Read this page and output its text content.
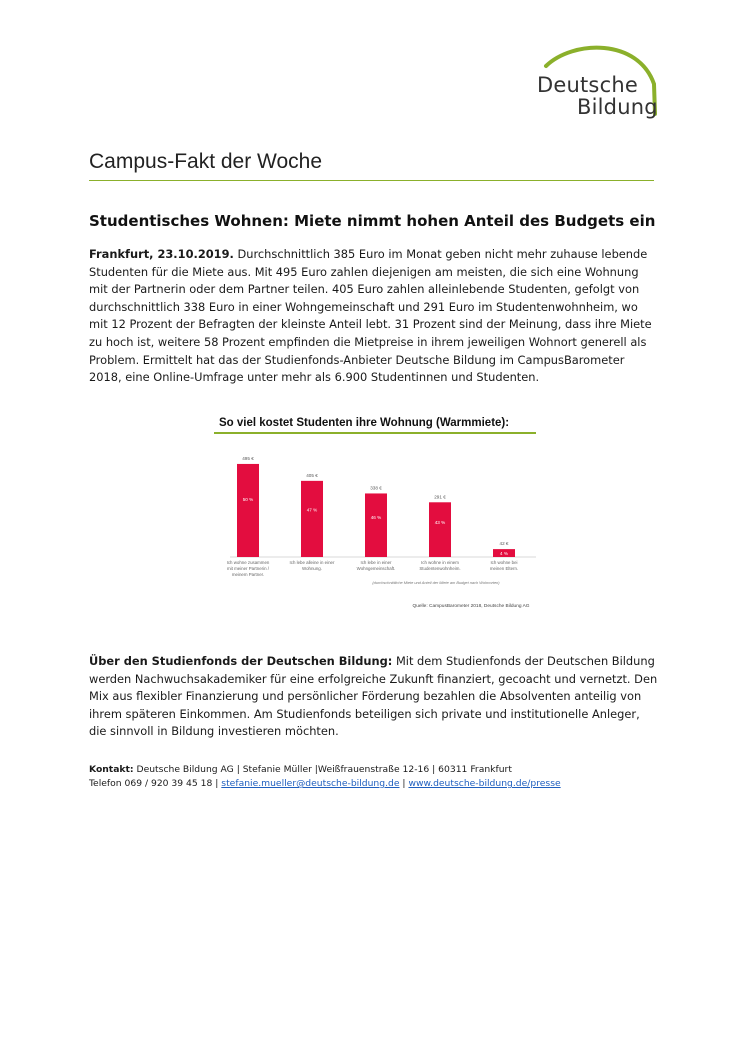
Deutsche
Bildung
Campus-Fakt der Woche
Studentisches Wohnen: Miete nimmt hohen Anteil des Budgets ein
Frankfurt, 23.10.2019. Durchschnittlich 385 Euro im Monat geben nicht mehr zuhause lebende Studenten für die Miete aus. Mit 495 Euro zahlen diejenigen am meisten, die sich eine Wohnung mit der Partnerin oder dem Partner teilen. 405 Euro zahlen alleinlebende Studenten, gefolgt von durchschnittlich 338 Euro in einer Wohngemeinschaft und 291 Euro im Studentenwohnheim, wo mit 12 Prozent der Befragten der kleinste Anteil lebt. 31 Prozent sind der Meinung, dass ihre Miete zu hoch ist, weitere 58 Prozent empfinden die Mietpreise in ihrem jeweiligen Wohnort generell als Problem. Ermittelt hat das der Studienfonds-Anbieter Deutsche Bildung im CampusBarometer 2018, eine Online-Umfrage unter mehr als 6.900 Studentinnen und Studenten.
So viel kostet Studenten ihre Wohnung (Warmmiete):
495 €
50 %
Ich wohne zusammen
mit meiner Partnerin /
meinem Partner.
405 €
47 %
Ich lebe alleine in einer
Wohnung.
338 €
46 %
Ich lebe in einer
Wohngemeinschaft.
291 €
43 %
Ich wohne in einem
Studentenwohnheim.
42 €
4 %
Ich wohne bei
meinen Eltern.
(durchschnittliche Miete und Anteil der Miete am Budget nach Wohnorten)
Quelle: CampusBarometer 2018, Deutsche Bildung AG
Über den Studienfonds der Deutschen Bildung: Mit dem Studienfonds der Deutschen Bildung werden Nachwuchsakademiker für eine erfolgreiche Zukunft finanziert, gecoacht und vernetzt. Den Mix aus flexibler Finanzierung und persönlicher Förderung bezahlen die Absolventen anteilig von ihrem späteren Einkommen. Am Studienfonds beteiligen sich private und institutionelle Anleger, die sinnvoll in Bildung investieren möchten.
Kontakt: Deutsche Bildung AG | Stefanie Müller |Weißfrauenstraße 12-16 | 60311 Frankfurt
Telefon 069 / 920 39 45 18 | stefanie.mueller@deutsche-bildung.de | www.deutsche-bildung.de/presse
